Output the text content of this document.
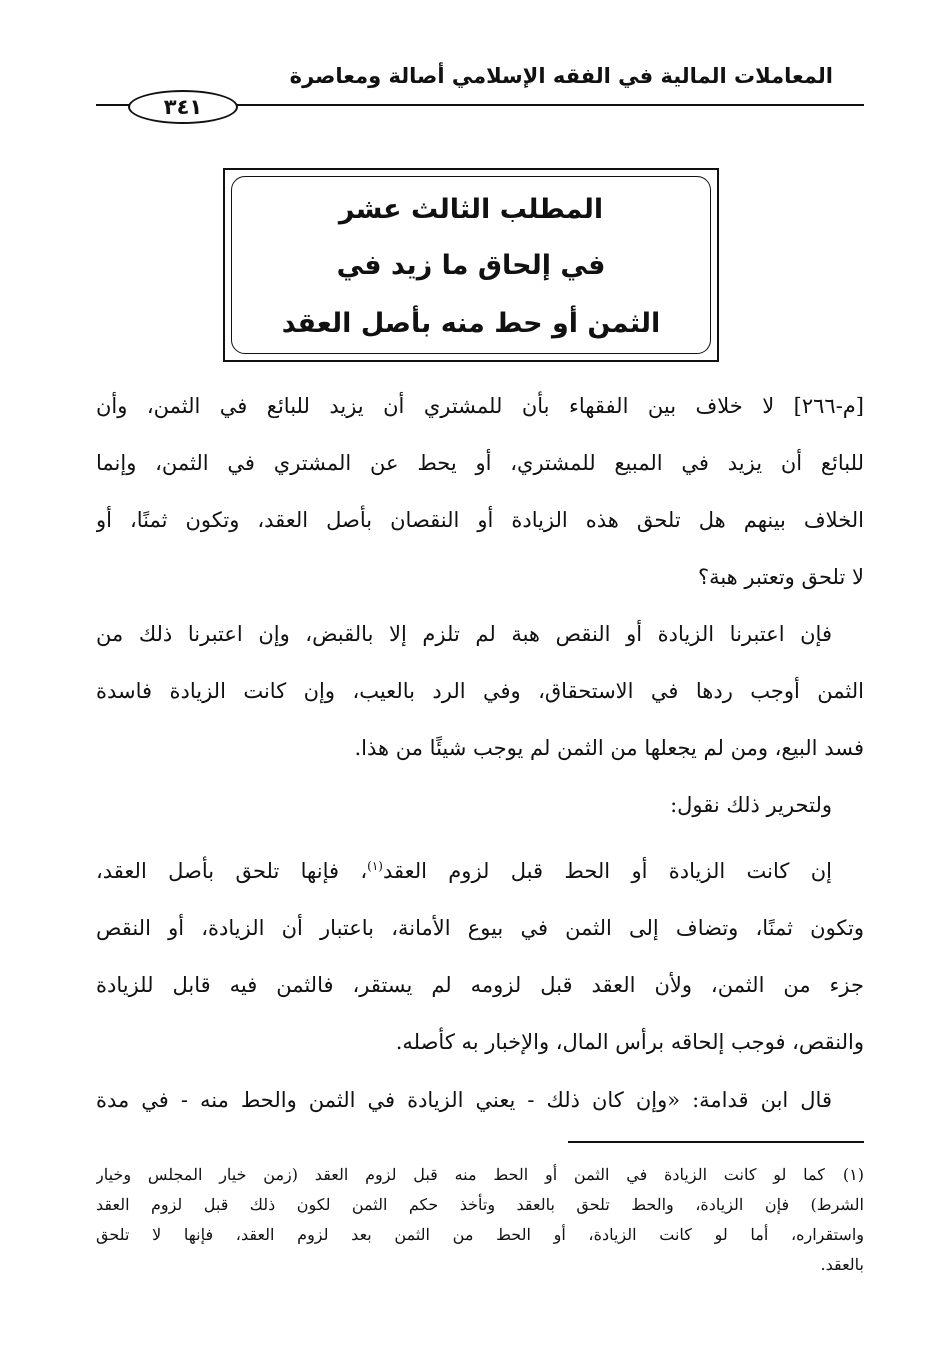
المعاملات المالية في الفقه الإسلامي أصالة ومعاصرة
٣٤١
المطلب الثالث عشر
في إلحاق ما زيد في
الثمن أو حط منه بأصل العقد
[م-٢٦٦] لا خلاف بين الفقهاء بأن للمشتري أن يزيد للبائع في الثمن، وأن
للبائع أن يزيد في المبيع للمشتري، أو يحط عن المشتري في الثمن، وإنما
الخلاف بينهم هل تلحق هذه الزيادة أو النقصان بأصل العقد، وتكون ثمنًا، أو
لا تلحق وتعتبر هبة؟
فإن اعتبرنا الزيادة أو النقص هبة لم تلزم إلا بالقبض، وإن اعتبرنا ذلك من
الثمن أوجب ردها في الاستحقاق، وفي الرد بالعيب، وإن كانت الزيادة فاسدة
فسد البيع، ومن لم يجعلها من الثمن لم يوجب شيئًا من هذا.
ولتحرير ذلك نقول:
إن كانت الزيادة أو الحط قبل لزوم العقد$^{(١)}$، فإنها تلحق بأصل العقد،
وتكون ثمنًا، وتضاف إلى الثمن في بيوع الأمانة، باعتبار أن الزيادة، أو النقص
جزء من الثمن، ولأن العقد قبل لزومه لم يستقر، فالثمن فيه قابل للزيادة
والنقص، فوجب إلحاقه برأس المال، والإخبار به كأصله.
قال ابن قدامة: «وإن كان ذلك - يعني الزيادة في الثمن والحط منه - في مدة
(١)كما لو كانت الزيادة في الثمن أو الحط منه قبل لزوم العقد (زمن خيار المجلس وخيار
الشرط) فإن الزيادة، والحط تلحق بالعقد وتأخذ حكم الثمن لكون ذلك قبل لزوم العقد
واستقراره، أما لو كانت الزيادة، أو الحط من الثمن بعد لزوم العقد، فإنها لا تلحق
بالعقد.
